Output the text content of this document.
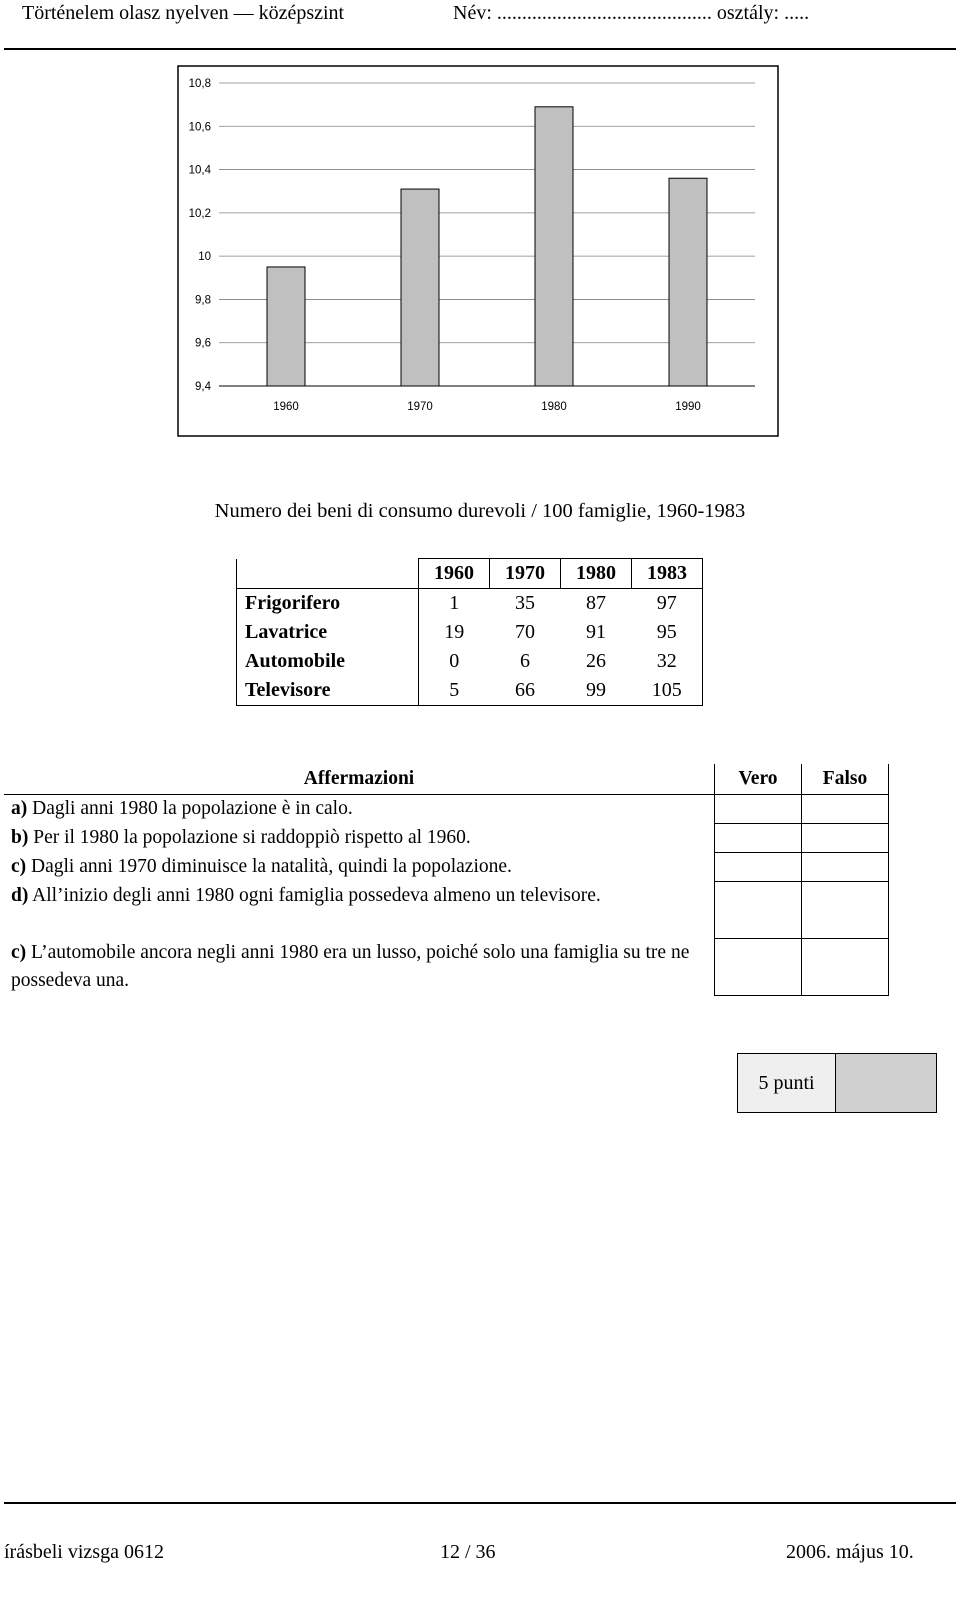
Történelem olasz nyelven — középszint	Név: ........................................... osztály: .....
10,8
10,6
10,4
10,2
10
9,8
9,6
9,4
1960	1970	1980	1990
Numero dei beni di consumo durevoli / 100 famiglie, 1960-1983
	1960	1970	1980	1983
Frigorifero	1	35	87	97
Lavatrice	19	70	91	95
Automobile	0	6	26	32
Televisore	5	66	99	105
Affermazioni	Vero	Falso
a) Dagli anni 1980 la popolazione è in calo.		
b) Per il 1980 la popolazione si raddoppiò rispetto al 1960.		
c) Dagli anni 1970 diminuisce la natalità, quindi la popolazione.		
d) All’inizio degli anni 1980 ogni famiglia possedeva almeno un televisore.		
c) L’automobile ancora negli anni 1980 era un lusso, poiché solo una famiglia su tre ne possedeva una.		
5 punti
írásbeli vizsga 0612	12 / 36	2006. május 10.
